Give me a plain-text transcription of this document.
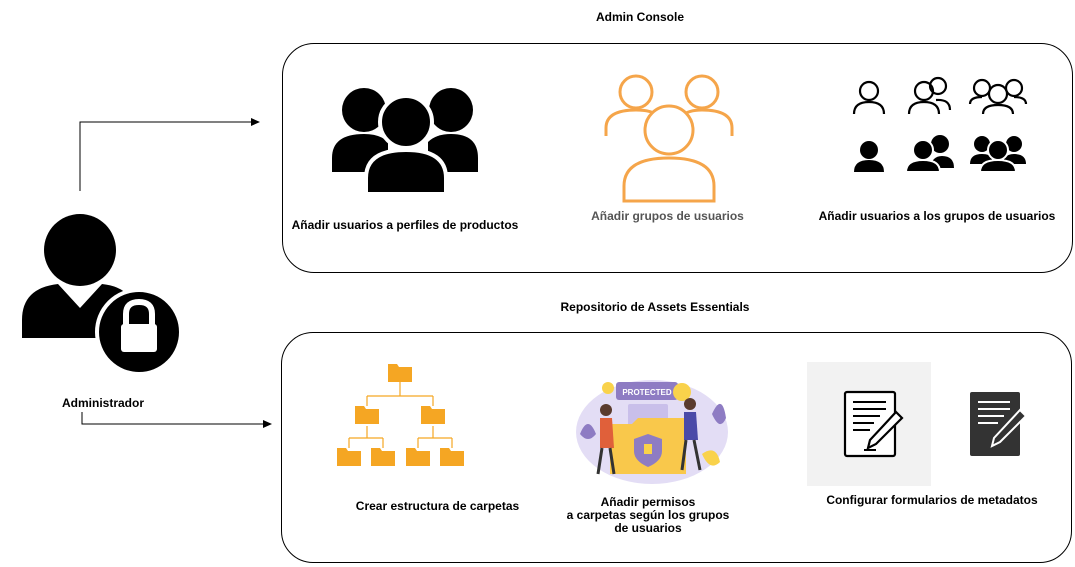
Admin Console
Repositorio de Assets Essentials
Administrador
Añadir usuarios a perfiles de productos
Añadir grupos de usuarios	Añadir usuarios a los grupos de usuarios
Crear estructura de carpetas
PROTECTED
Añadir permisos
a carpetas según los grupos
de usuarios
Configurar formularios de metadatos
